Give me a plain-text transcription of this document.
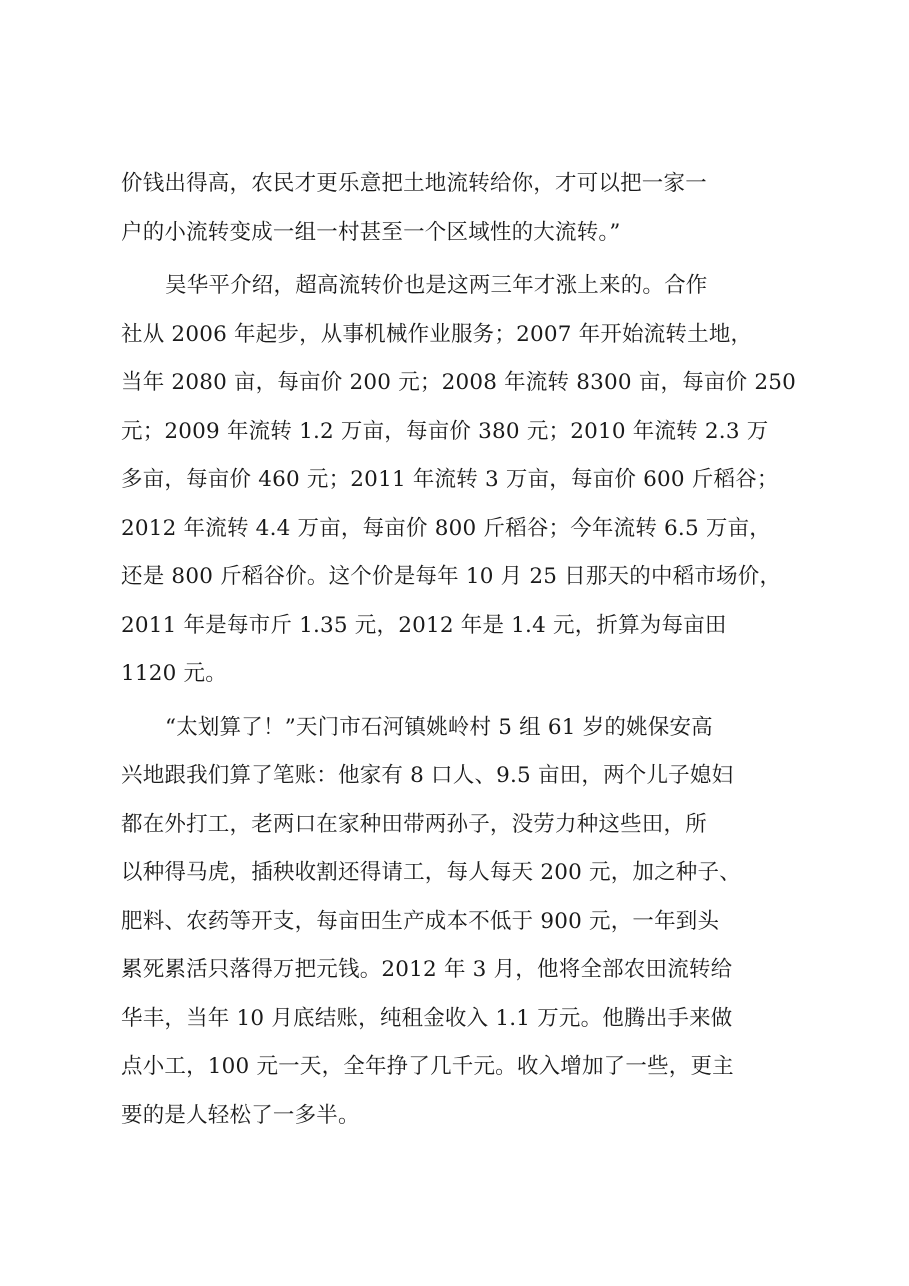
价钱出得高，农民才更乐意把土地流转给你，才可以把一家一
户的小流转变成一组一村甚至一个区域性的大流转。”
吴华平介绍，超高流转价也是这两三年才涨上来的。合作
社从 2006 年起步，从事机械作业服务；2007 年开始流转土地，
当年 2080 亩，每亩价 200 元；2008 年流转 8300 亩，每亩价 250
元；2009 年流转 1.2 万亩，每亩价 380 元；2010 年流转 2.3 万
多亩，每亩价 460 元；2011 年流转 3 万亩，每亩价 600 斤稻谷；
2012 年流转 4.4 万亩，每亩价 800 斤稻谷；今年流转 6.5 万亩，
还是 800 斤稻谷价。这个价是每年 10 月 25 日那天的中稻市场价，
2011 年是每市斤 1.35 元，2012 年是 1.4 元，折算为每亩田
1120 元。
“太划算了！”天门市石河镇姚岭村 5 组 61 岁的姚保安高
兴地跟我们算了笔账：他家有 8 口人、9.5 亩田，两个儿子媳妇
都在外打工，老两口在家种田带两孙子，没劳力种这些田，所
以种得马虎，插秧收割还得请工，每人每天 200 元，加之种子、
肥料、农药等开支，每亩田生产成本不低于 900 元，一年到头
累死累活只落得万把元钱。2012 年 3 月，他将全部农田流转给
华丰，当年 10 月底结账，纯租金收入 1.1 万元。他腾出手来做
点小工，100 元一天，全年挣了几千元。收入增加了一些，更主
要的是人轻松了一多半。
